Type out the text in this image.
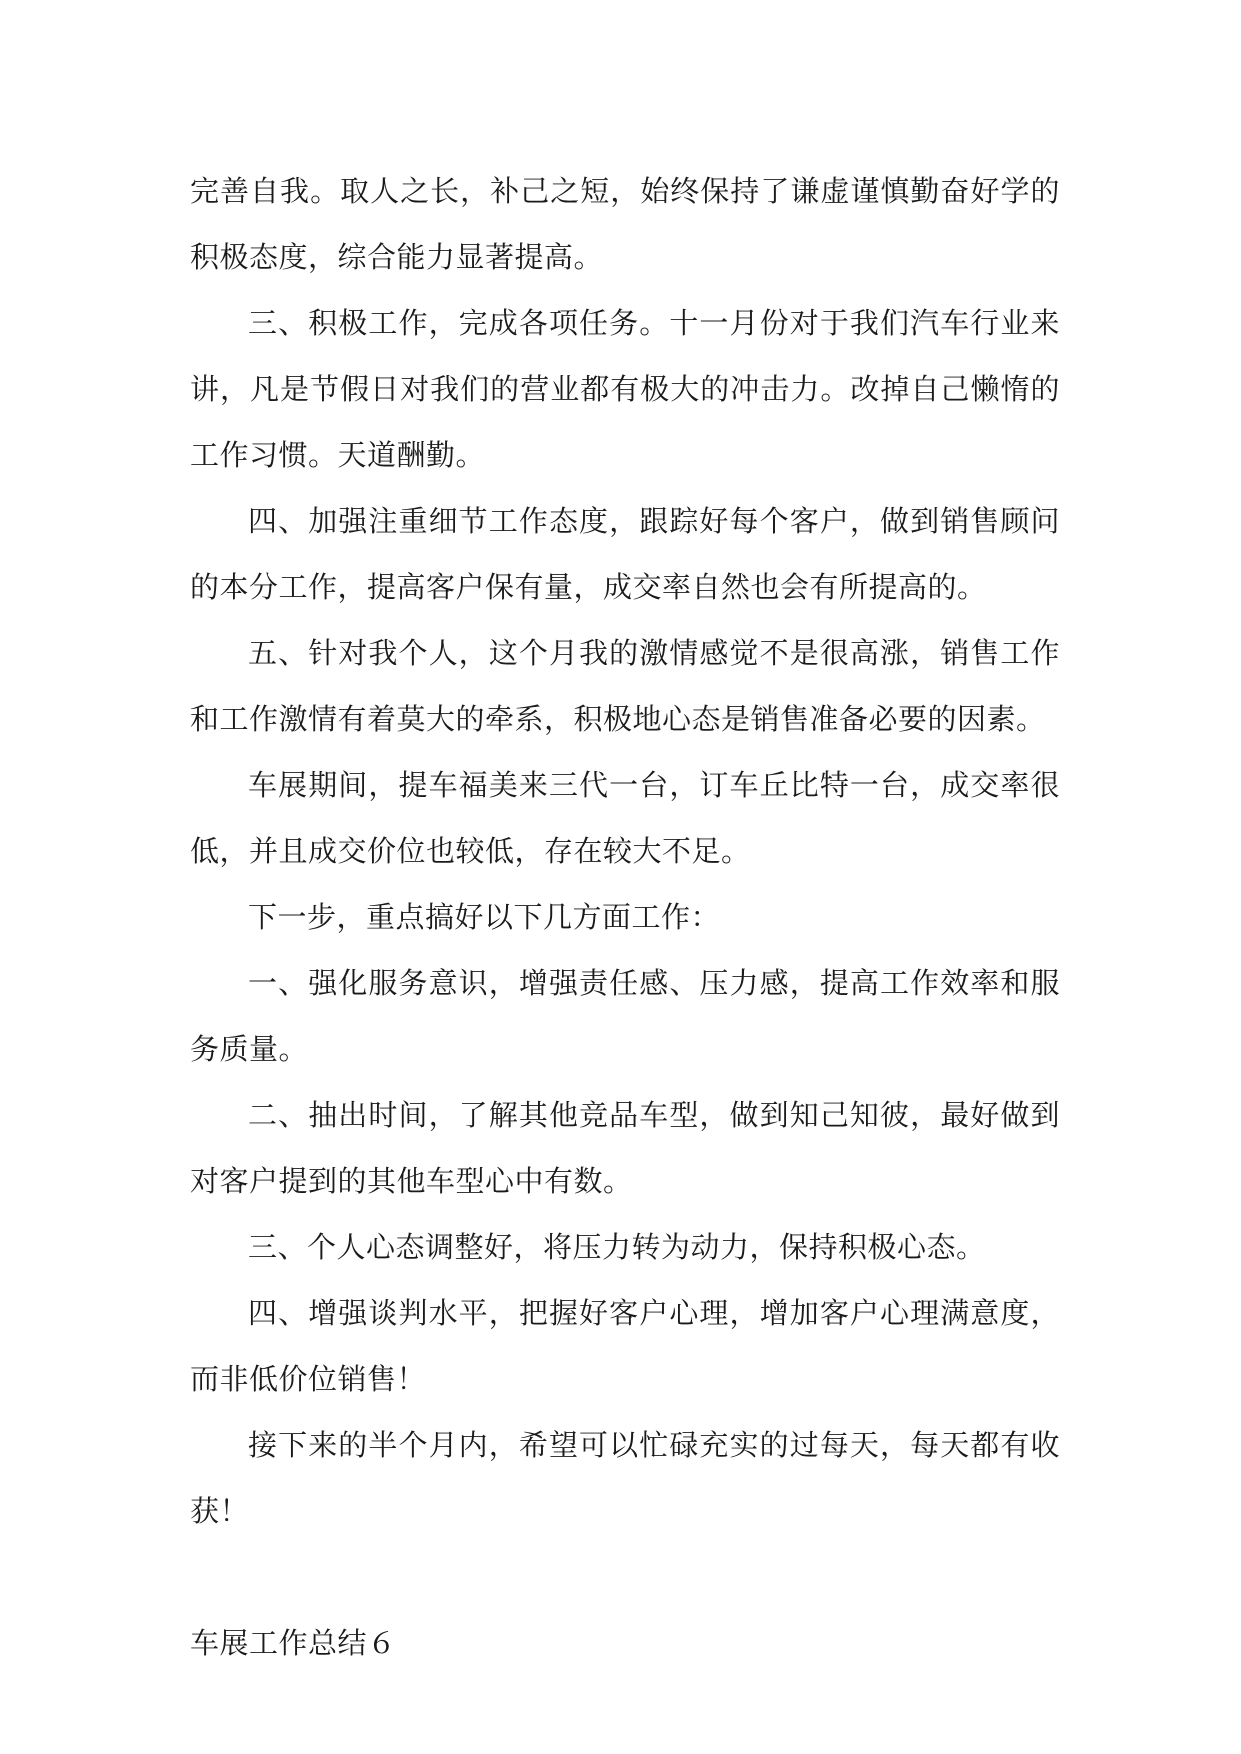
完善自我。取人之长，补己之短，始终保持了谦虚谨慎勤奋好学的积极态度，综合能力显著提高。

三、积极工作，完成各项任务。十一月份对于我们汽车行业来讲，凡是节假日对我们的营业都有极大的冲击力。改掉自己懒惰的工作习惯。天道酬勤。

四、加强注重细节工作态度，跟踪好每个客户，做到销售顾问的本分工作，提高客户保有量，成交率自然也会有所提高的。

五、针对我个人，这个月我的激情感觉不是很高涨，销售工作和工作激情有着莫大的牵系，积极地心态是销售准备必要的因素。

车展期间，提车福美来三代一台，订车丘比特一台，成交率很低，并且成交价位也较低，存在较大不足。

下一步，重点搞好以下几方面工作：

一、强化服务意识，增强责任感、压力感，提高工作效率和服务质量。

二、抽出时间，了解其他竞品车型，做到知己知彼，最好做到对客户提到的其他车型心中有数。

三、个人心态调整好，将压力转为动力，保持积极心态。

四、增强谈判水平，把握好客户心理，增加客户心理满意度，而非低价位销售！

接下来的半个月内，希望可以忙碌充实的过每天，每天都有收获！

车展工作总结６
